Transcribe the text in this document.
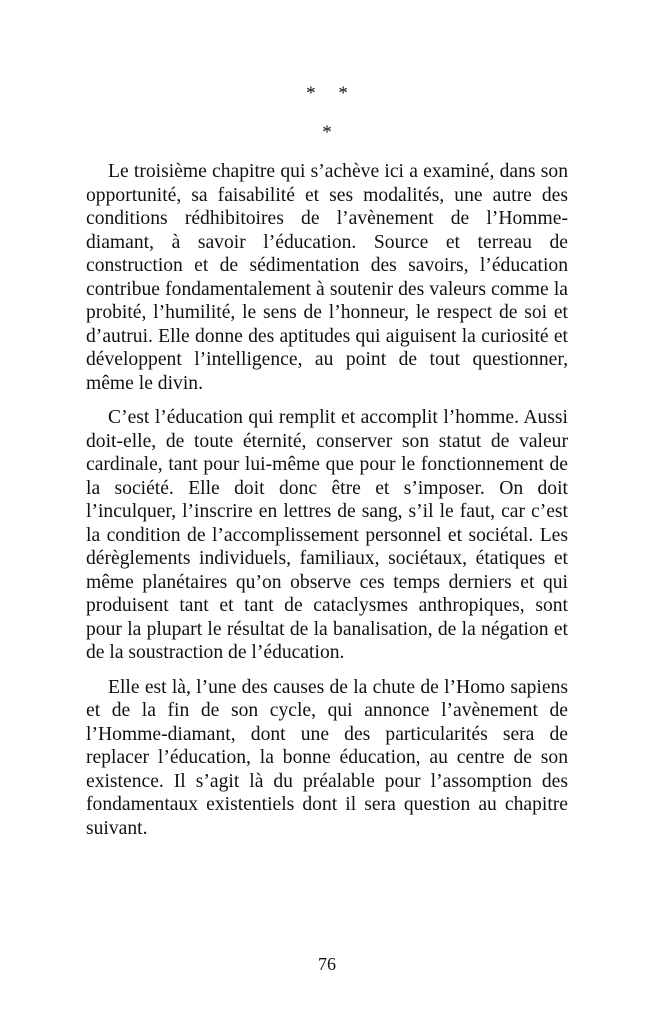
* *
*

Le troisième chapitre qui s’achève ici a examiné, dans son opportunité, sa faisabilité et ses modalités, une autre des conditions rédhibitoires de l’avènement de l’Homme-diamant, à savoir l’éducation. Source et terreau de construction et de sédimentation des savoirs, l’éducation contribue fondamentalement à soutenir des valeurs comme la probité, l’humilité, le sens de l’honneur, le respect de soi et d’autrui. Elle donne des aptitudes qui aiguisent la curiosité et développent l’intelligence, au point de tout questionner, même le divin.

C’est l’éducation qui remplit et accomplit l’homme. Aussi doit-elle, de toute éternité, conserver son statut de valeur cardinale, tant pour lui-même que pour le fonctionnement de la société. Elle doit donc être et s’imposer. On doit l’inculquer, l’inscrire en lettres de sang, s’il le faut, car c’est la condition de l’accomplissement personnel et sociétal. Les dérèglements individuels, familiaux, sociétaux, étatiques et même planétaires qu’on observe ces temps derniers et qui produisent tant et tant de cataclysmes anthropiques, sont pour la plupart le résultat de la banalisation, de la négation et de la soustraction de l’éducation.

Elle est là, l’une des causes de la chute de l’Homo sapiens et de la fin de son cycle, qui annonce l’avènement de l’Homme-diamant, dont une des particularités sera de replacer l’éducation, la bonne éducation, au centre de son existence. Il s’agit là du préalable pour l’assomption des fondamentaux existentiels dont il sera question au chapitre suivant.

76
